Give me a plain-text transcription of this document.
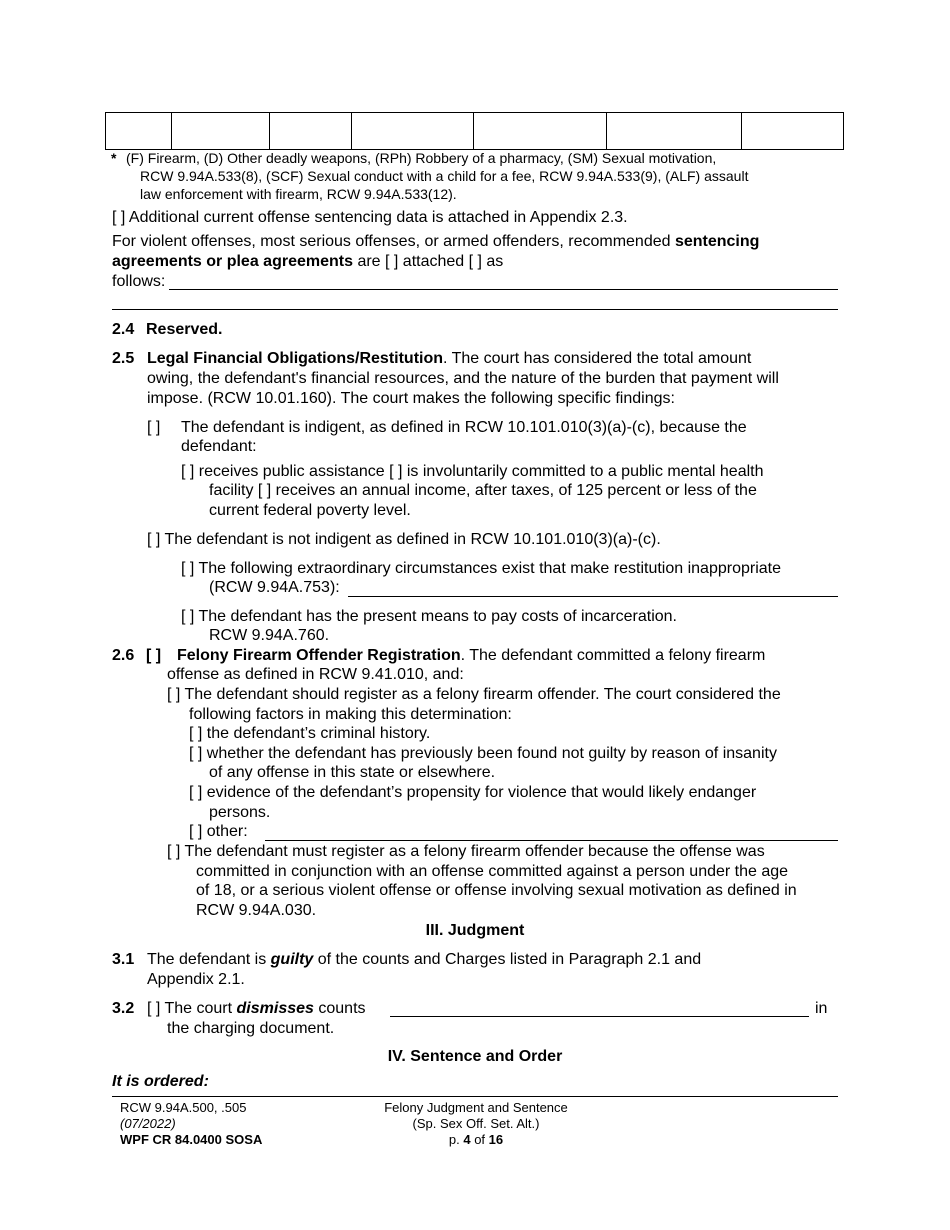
* (F) Firearm, (D) Other deadly weapons, (RPh) Robbery of a pharmacy, (SM) Sexual motivation,
RCW 9.94A.533(8), (SCF) Sexual conduct with a child for a fee, RCW 9.94A.533(9), (ALF) assault
law enforcement with firearm, RCW 9.94A.533(12).
[ ] Additional current offense sentencing data is attached in Appendix 2.3.
For violent offenses, most serious offenses, or armed offenders, recommended sentencing
agreements or plea agreements are [ ] attached [ ] as
follows:
2.4 Reserved.
2.5 Legal Financial Obligations/Restitution. The court has considered the total amount
owing, the defendant's financial resources, and the nature of the burden that payment will
impose. (RCW 10.01.160). The court makes the following specific findings:
[ ] The defendant is indigent, as defined in RCW 10.101.010(3)(a)-(c), because the
defendant:
[ ] receives public assistance [ ] is involuntarily committed to a public mental health
facility [ ] receives an annual income, after taxes, of 125 percent or less of the
current federal poverty level.
[ ] The defendant is not indigent as defined in RCW 10.101.010(3)(a)-(c).
[ ] The following extraordinary circumstances exist that make restitution inappropriate
(RCW 9.94A.753):
[ ] The defendant has the present means to pay costs of incarceration.
RCW 9.94A.760.
2.6 [ ] Felony Firearm Offender Registration. The defendant committed a felony firearm
offense as defined in RCW 9.41.010, and:
[ ] The defendant should register as a felony firearm offender. The court considered the
following factors in making this determination:
[ ] the defendant’s criminal history.
[ ] whether the defendant has previously been found not guilty by reason of insanity
of any offense in this state or elsewhere.
[ ] evidence of the defendant’s propensity for violence that would likely endanger
persons.
[ ] other:
[ ] The defendant must register as a felony firearm offender because the offense was
committed in conjunction with an offense committed against a person under the age
of 18, or a serious violent offense or offense involving sexual motivation as defined in
RCW 9.94A.030.
III. Judgment
3.1 The defendant is guilty of the counts and Charges listed in Paragraph 2.1 and
Appendix 2.1.
3.2 [ ] The court dismisses counts	in
the charging document.
IV. Sentence and Order
It is ordered:
RCW 9.94A.500, .505
(07/2022)
WPF CR 84.0400 SOSA
Felony Judgment and Sentence
(Sp. Sex Off. Set. Alt.)
p. 4 of 16
